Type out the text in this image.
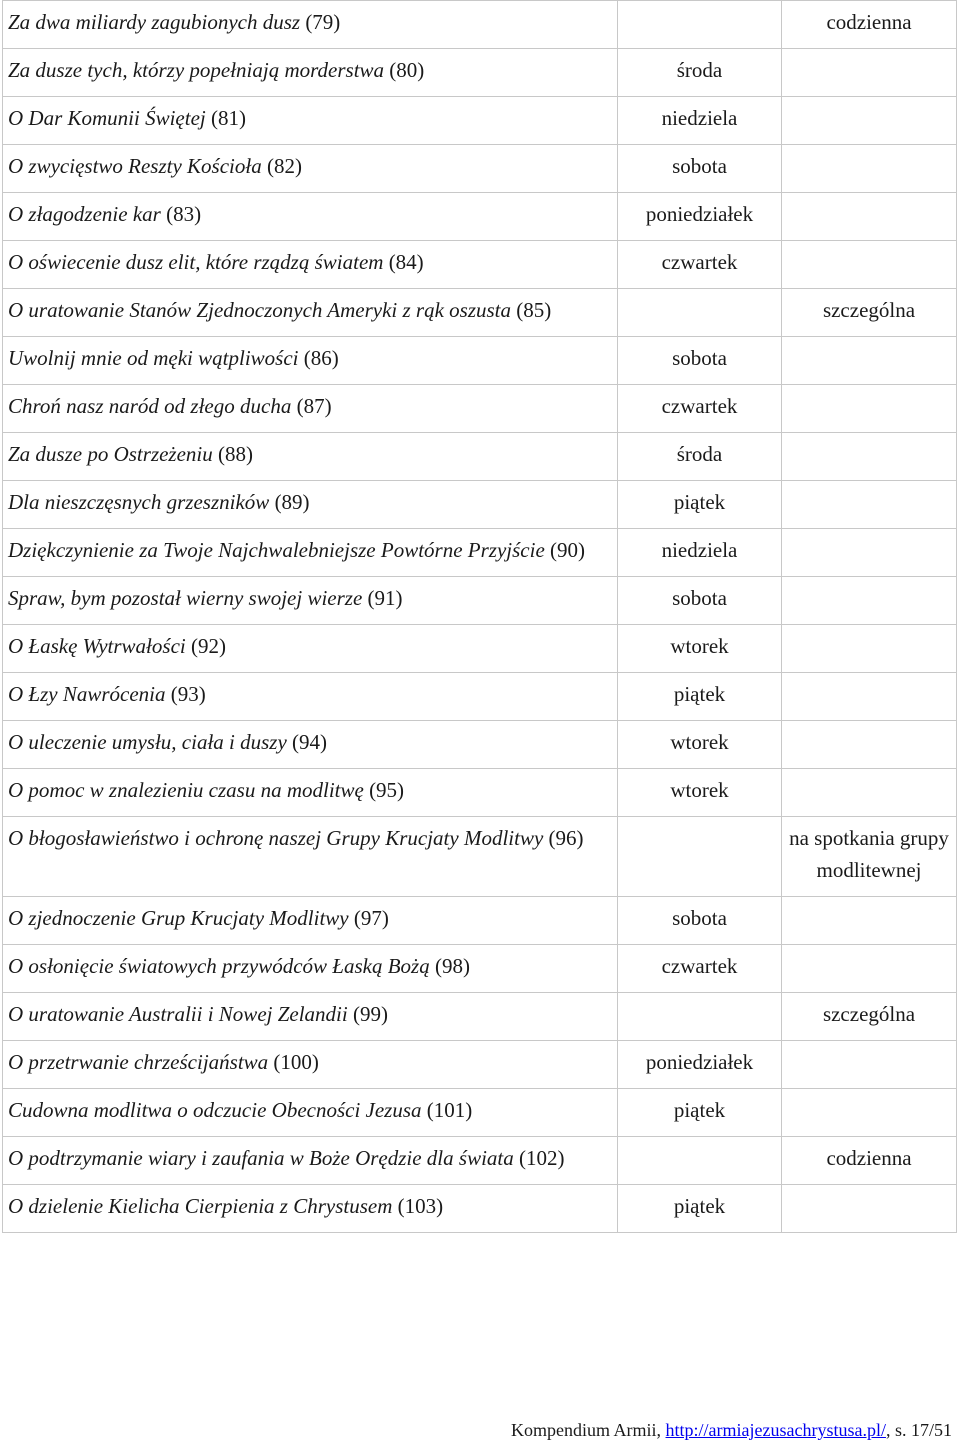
Za dwa miliardy zagubionych dusz (79)		codzienna
Za dusze tych, którzy popełniają morderstwa (80)	środa	
O Dar Komunii Świętej (81)	niedziela	
O zwycięstwo Reszty Kościoła (82)	sobota	
O złagodzenie kar (83)	poniedziałek	
O oświecenie dusz elit, które rządzą światem (84)	czwartek	
O uratowanie Stanów Zjednoczonych Ameryki z rąk oszusta (85)		szczególna
Uwolnij mnie od męki wątpliwości (86)	sobota	
Chroń nasz naród od złego ducha (87)	czwartek	
Za dusze po Ostrzeżeniu (88)	środa	
Dla nieszczęsnych grzeszników (89)	piątek	
Dziękczynienie za Twoje Najchwalebniejsze Powtórne Przyjście (90)	niedziela	
Spraw, bym pozostał wierny swojej wierze (91)	sobota	
O Łaskę Wytrwałości (92)	wtorek	
O Łzy Nawrócenia (93)	piątek	
O uleczenie umysłu, ciała i duszy (94)	wtorek	
O pomoc w znalezieniu czasu na modlitwę (95)	wtorek	
O błogosławieństwo i ochronę naszej Grupy Krucjaty Modlitwy (96)		na spotkania grupy modlitewnej
O zjednoczenie Grup Krucjaty Modlitwy (97)	sobota	
O osłonięcie światowych przywódców Łaską Bożą (98)	czwartek	
O uratowanie Australii i Nowej Zelandii (99)		szczególna
O przetrwanie chrześcijaństwa (100)	poniedziałek	
Cudowna modlitwa o odczucie Obecności Jezusa (101)	piątek	
O podtrzymanie wiary i zaufania w Boże Orędzie dla świata (102)		codzienna
O dzielenie Kielicha Cierpienia z Chrystusem (103)	piątek	
Kompendium Armii, http://armiajezusachrystusa.pl/, s. 17/51
